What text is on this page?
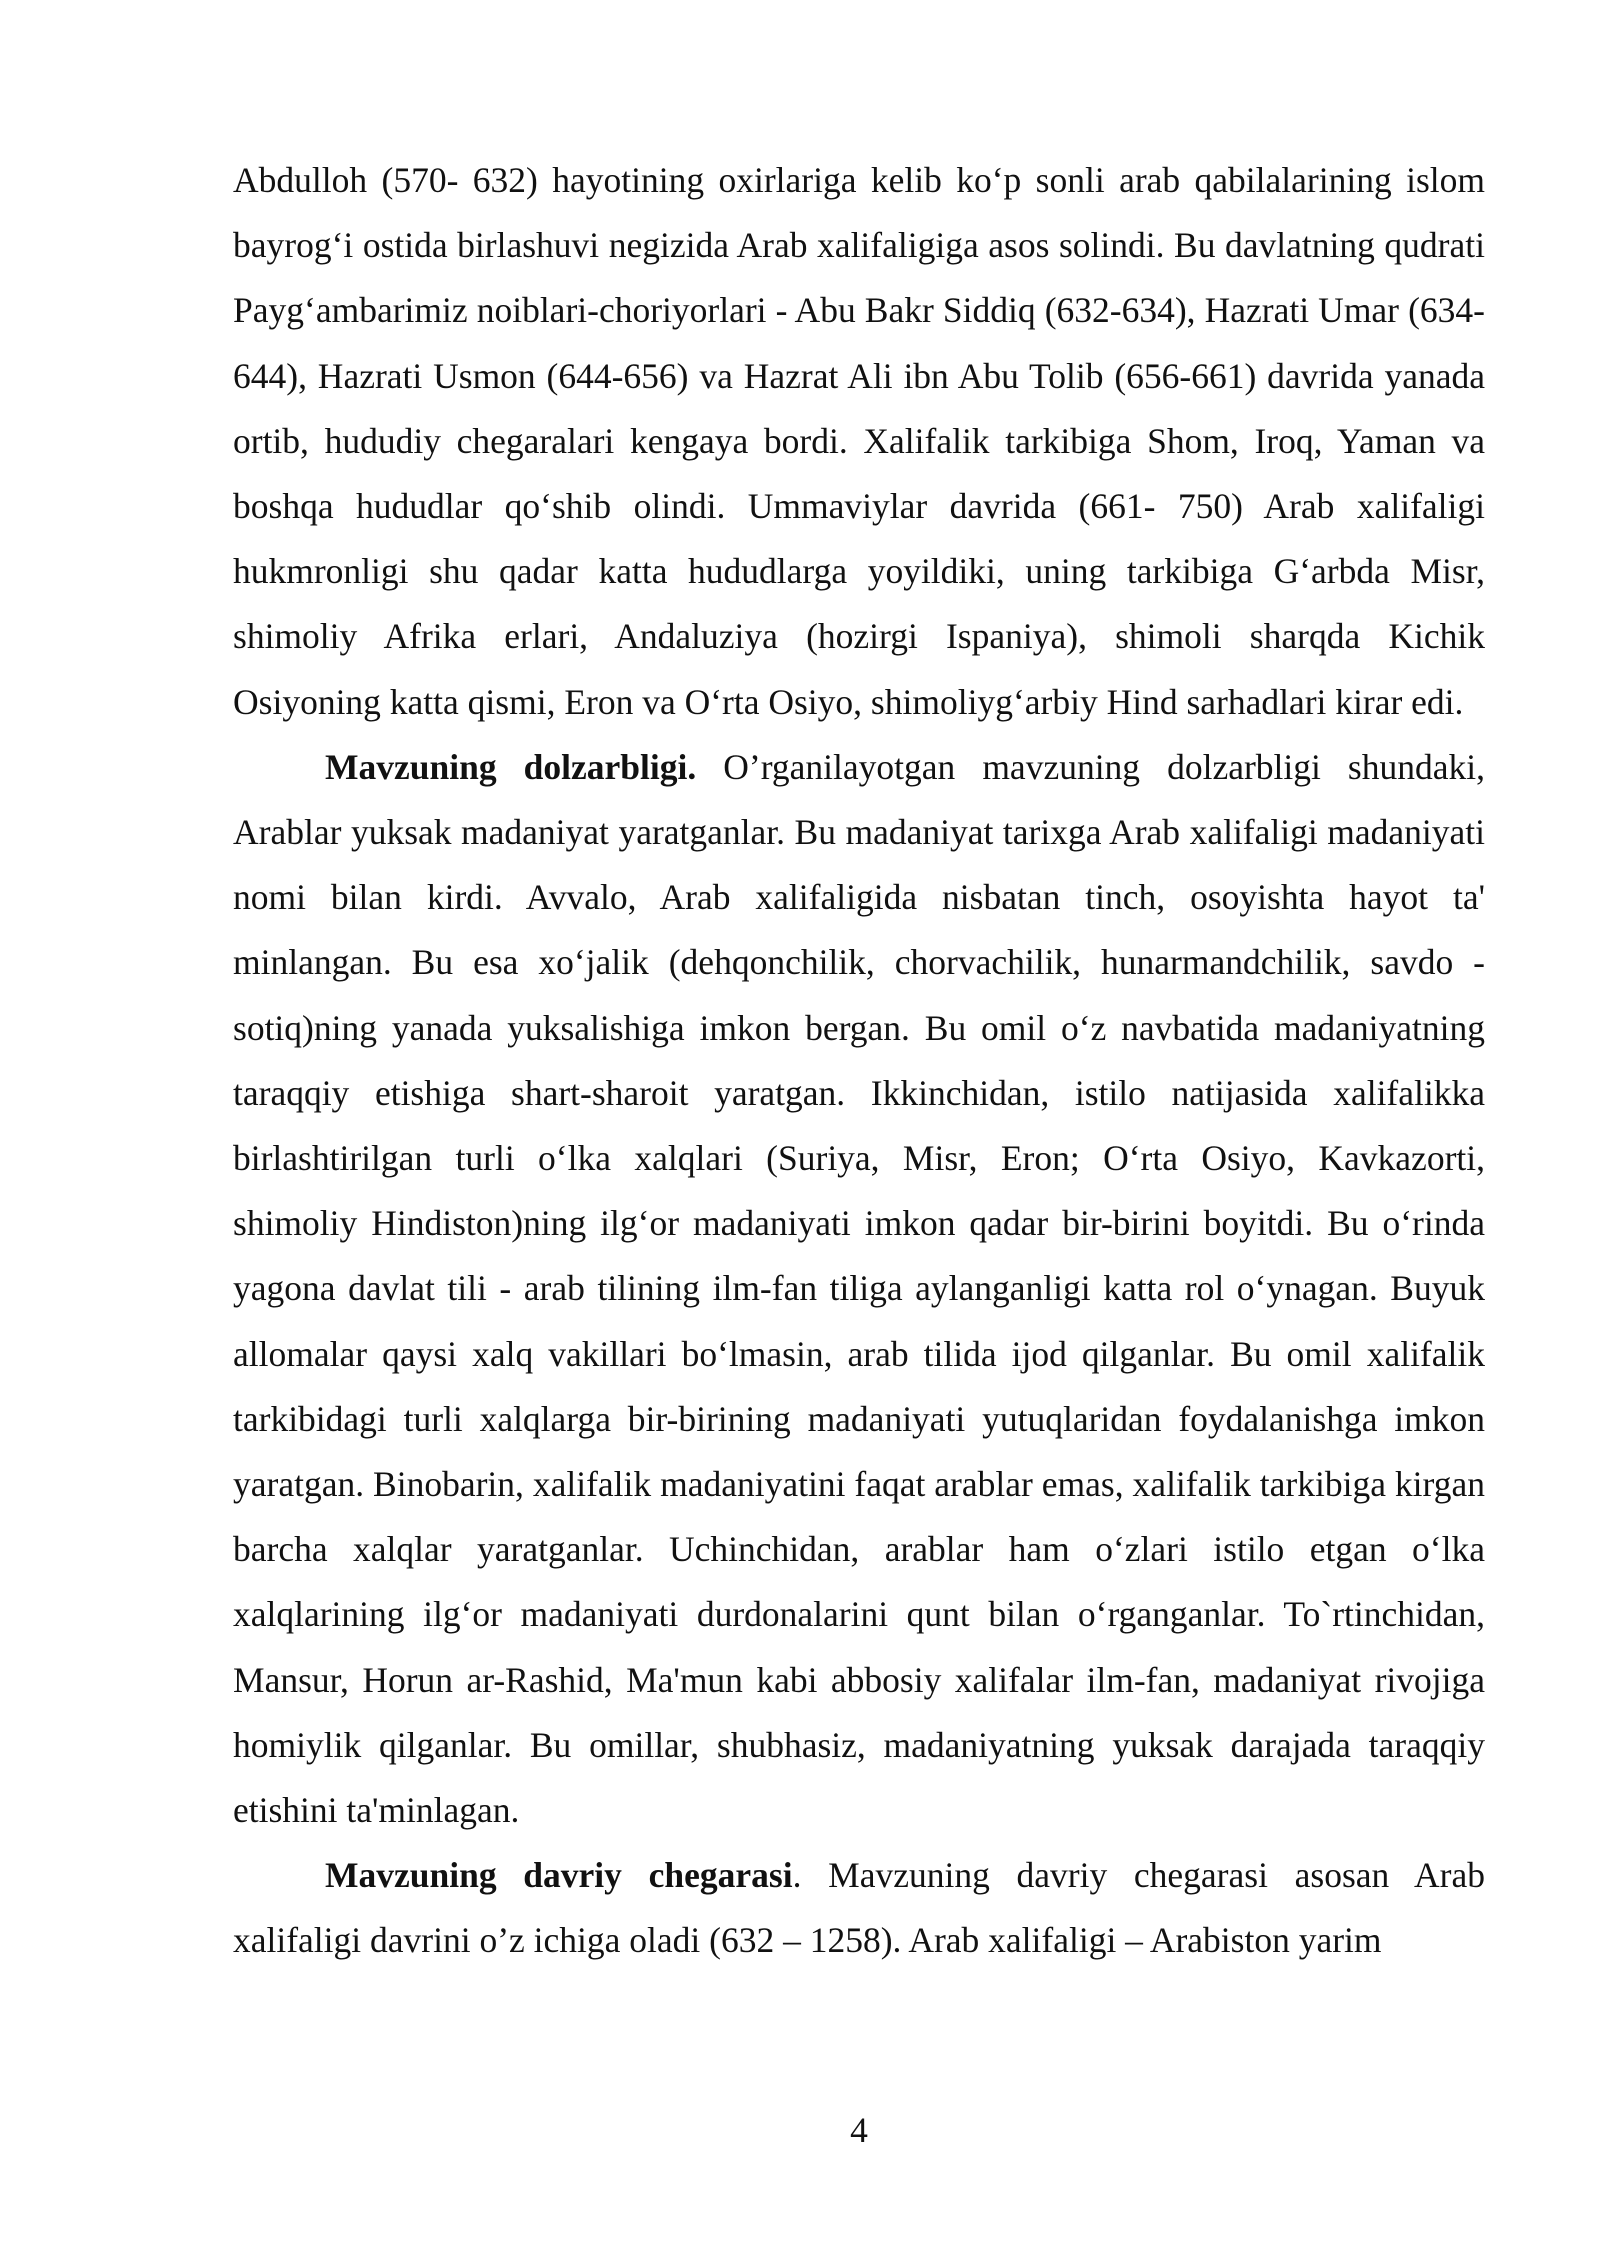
Abdulloh (570- 632) hayotining oxirlariga kelib ko‘p sonli arab qabilalarining islom bayrog‘i ostida birlashuvi negizida Arab xalifaligiga asos solindi. Bu davlatning qudrati Payg‘ambarimiz noiblari-choriyorlari - Abu Bakr Siddiq (632-634), Hazrati Umar (634-644), Hazrati Usmon (644-656) va Hazrat Ali ibn Abu Tolib (656-661) davrida yanada ortib, hududiy chegaralari kengaya bordi. Xalifalik tarkibiga Shom, Iroq, Yaman va boshqa hududlar qo‘shib olindi. Ummaviylar davrida (661- 750) Arab xalifaligi hukmronligi shu qadar katta hududlarga yoyildiki, uning tarkibiga G‘arbda Misr, shimoliy Afrika erlari, Andaluziya (hozirgi Ispaniya), shimoli sharqda Kichik Osiyoning katta qismi, Eron va O‘rta Osiyo, shimoliyg‘arbiy Hind sarhadlari kirar edi.

Mavzuning dolzarbligi. O’rganilayotgan mavzuning dolzarbligi shundaki, Arablar yuksak madaniyat yaratganlar. Bu madaniyat tarixga Arab xalifaligi madaniyati nomi bilan kirdi. Avvalo, Arab xalifaligida nisbatan tinch, osoyishta hayot ta' minlangan. Bu esa xo‘jalik (dehqonchilik, chorvachilik, hunarmandchilik, savdo - sotiq)ning yanada yuksalishiga imkon bergan. Bu omil o‘z navbatida madaniyatning taraqqiy etishiga shart-sharoit yaratgan. Ikkinchidan, istilo natijasida xalifalikka birlashtirilgan turli o‘lka xalqlari (Suriya, Misr, Eron; O‘rta Osiyo, Kavkazorti, shimoliy Hindiston)ning ilg‘or madaniyati imkon qadar bir-birini boyitdi. Bu o‘rinda yagona davlat tili - arab tilining ilm-fan tiliga aylanganligi katta rol o‘ynagan. Buyuk allomalar qaysi xalq vakillari bo‘lmasin, arab tilida ijod qilganlar. Bu omil xalifalik tarkibidagi turli xalqlarga bir-birining madaniyati yutuqlaridan foydalanishga imkon yaratgan. Binobarin, xalifalik madaniyatini faqat arablar emas, xalifalik tarkibiga kirgan barcha xalqlar yaratganlar. Uchinchidan, arablar ham o‘zlari istilo etgan o‘lka xalqlarining ilg‘or madaniyati durdonalarini qunt bilan o‘rganganlar. To`rtinchidan, Mansur, Horun ar-Rashid, Ma'mun kabi abbosiy xalifalar ilm-fan, madaniyat rivojiga homiylik qilganlar. Bu omillar, shubhasiz, madaniyatning yuksak darajada taraqqiy etishini ta'minlagan.

Mavzuning davriy chegarasi. Mavzuning davriy chegarasi asosan Arab xalifaligi davrini o’z ichiga oladi (632 – 1258). Arab xalifaligi – Arabiston yarim

4
